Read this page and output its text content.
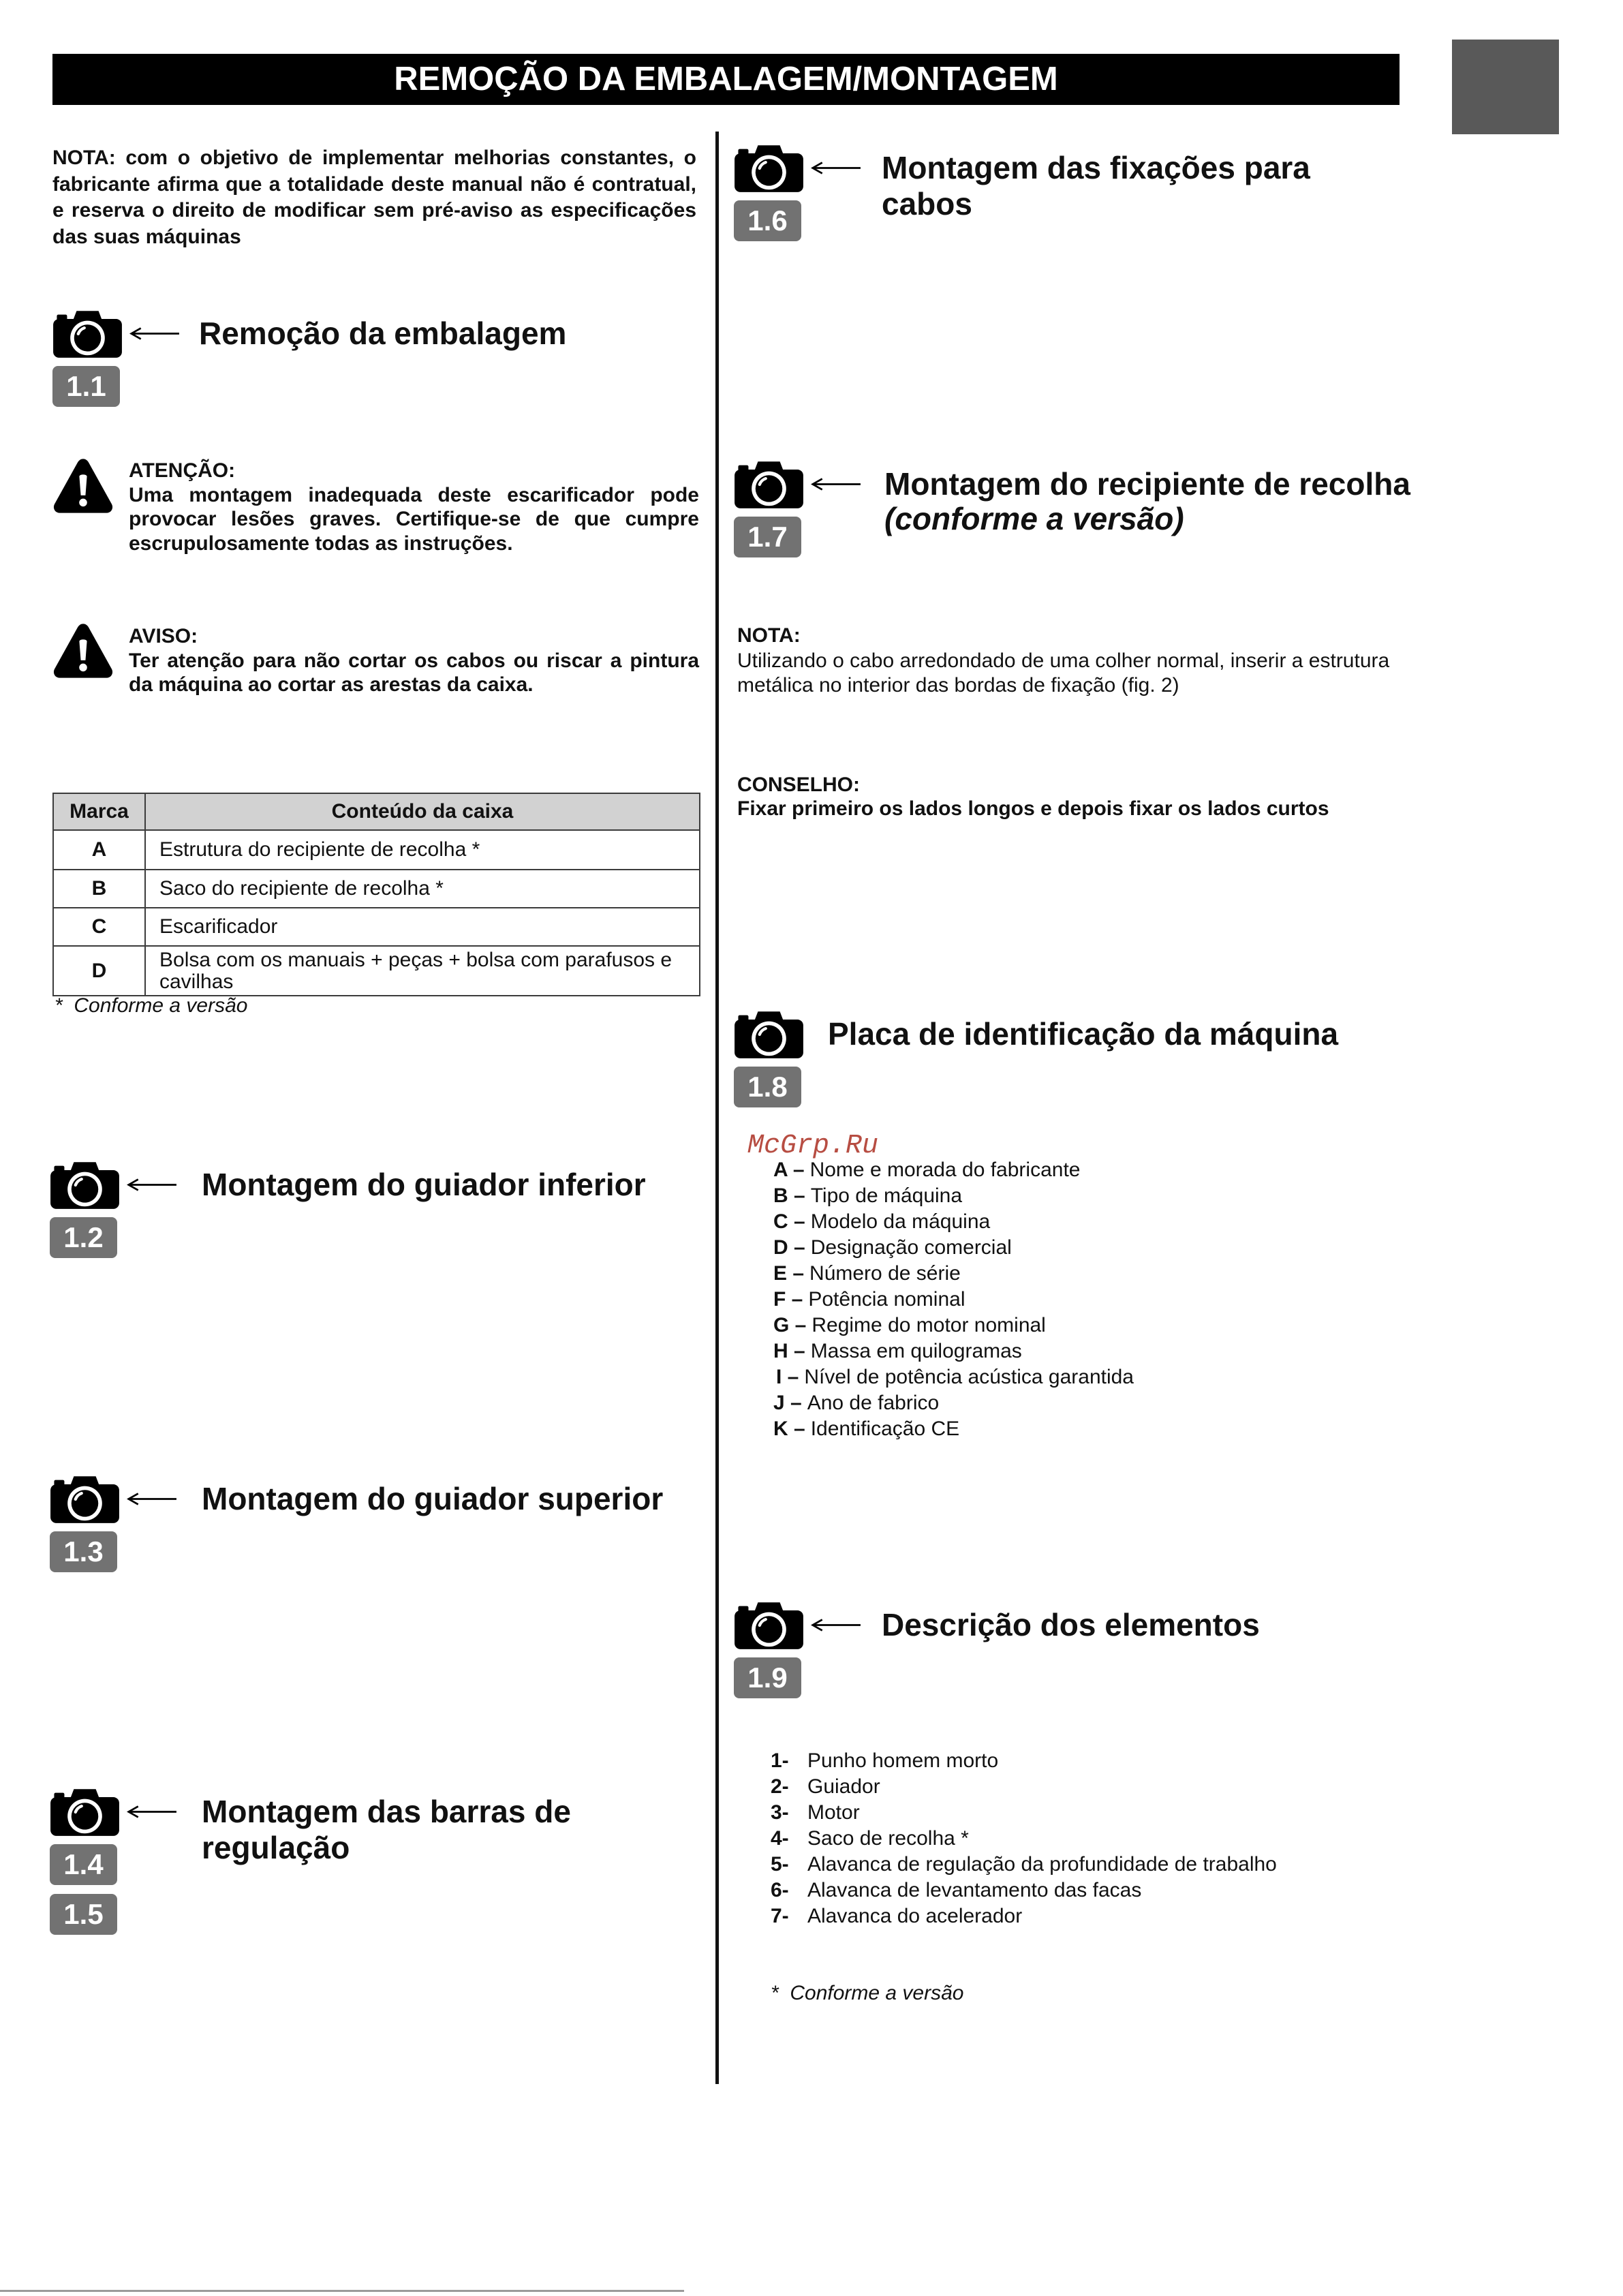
REMOÇÃO DA EMBALAGEM/MONTAGEM
NOTA: com o objetivo de implementar melhorias constantes, o fabricante afirma que a totalidade deste manual não é contratual, e reserva o direito de modificar sem pré-aviso as especificações das suas máquinas
1.1
Remoção da embalagem
ATENÇÃO:
Uma montagem inadequada deste escarificador pode provocar lesões graves. Certifique-se de que cumpre escrupulosamente todas as instruções.
AVISO:
Ter atenção para não cortar os cabos ou riscar a pintura da máquina ao cortar as arestas da caixa.
Marca	Conteúdo da caixa
A	Estrutura do recipiente de recolha *
B	Saco do recipiente de recolha *
C	Escarificador
D	Bolsa com os manuais + peças + bolsa com parafusos e cavilhas
*  Conforme a versão
1.2
Montagem do guiador inferior
1.3
Montagem do guiador superior
1.4
1.5
Montagem das barras de
regulação
1.6
Montagem das fixações para
cabos
1.7
Montagem do recipiente de recolha
(conforme a versão)
NOTA:
Utilizando o cabo arredondado de uma colher normal, inserir a estrutura metálica no interior das bordas de fixação (fig. 2)
CONSELHO:
Fixar primeiro os lados longos e depois fixar os lados curtos
1.8
Placa de identificação da máquina
McGrp.Ru
A – Nome e morada do fabricante
B – Tipo de máquina
C – Modelo da máquina
D – Designação comercial
E – Número de série
F – Potência nominal
G – Regime do motor nominal
H – Massa em quilogramas
I – Nível de potência acústica garantida
J – Ano de fabrico
K – Identificação CE
1.9
Descrição dos elementos
1- Punho homem morto
2- Guiador
3- Motor
4- Saco de recolha *
5- Alavanca de regulação da profundidade de trabalho
6- Alavanca de levantamento das facas
7- Alavanca do acelerador
*  Conforme a versão
